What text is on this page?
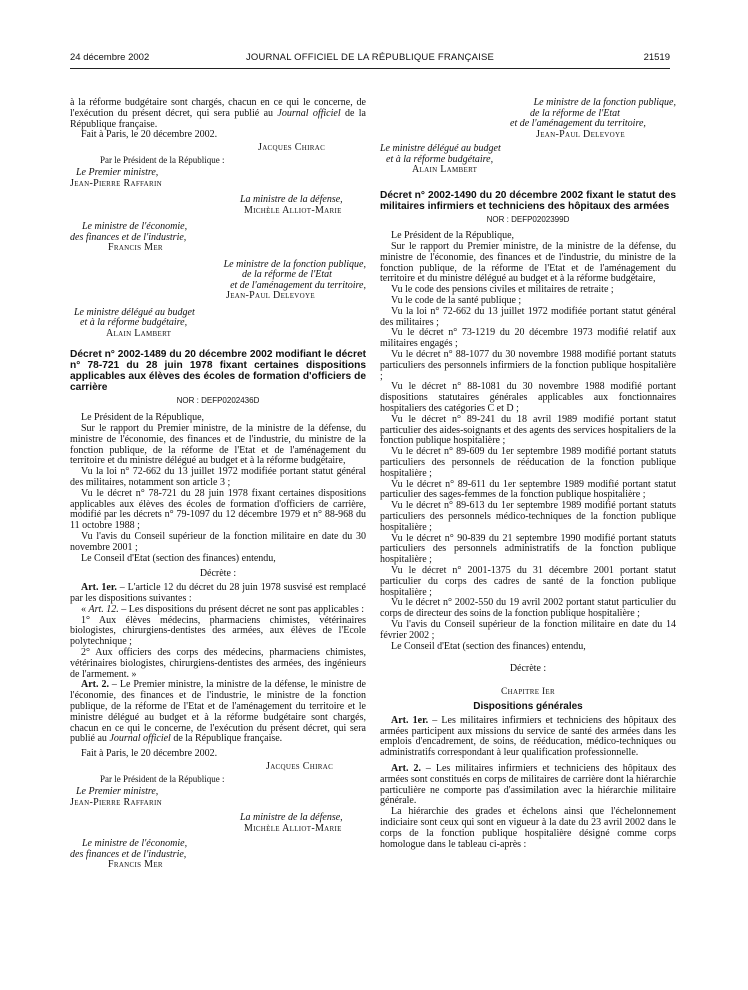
24 décembre 2002	JOURNAL OFFICIEL DE LA RÉPUBLIQUE FRANÇAISE	21519

à la réforme budgétaire sont chargés, chacun en ce qui le concerne, de l'exécution du présent décret, qui sera publié au Journal officiel de la République française.

Fait à Paris, le 20 décembre 2002.

Jacques Chirac

Par le Président de la République :

Le Premier ministre,

Jean-Pierre Raffarin

La ministre de la défense,

Michèle Alliot-Marie

Le ministre de l'économie,

des finances et de l'industrie,

Francis Mer

Le ministre de la fonction publique,

de la réforme de l'Etat

et de l'aménagement du territoire,

Jean-Paul Delevoye

Le ministre délégué au budget

et à la réforme budgétaire,

Alain Lambert

Décret n° 2002-1489 du 20 décembre 2002 modifiant le décret n° 78-721 du 28 juin 1978 fixant certaines dispositions applicables aux élèves des écoles de formation d'officiers de carrière

NOR : DEFP0202436D

Le Président de la République,

Sur le rapport du Premier ministre, de la ministre de la défense, du ministre de l'économie, des finances et de l'industrie, du ministre de la fonction publique, de la réforme de l'Etat et de l'aménagement du territoire et du ministre délégué au budget et à la réforme budgétaire,

Vu la loi n° 72-662 du 13 juillet 1972 modifiée portant statut général des militaires, notamment son article 3 ;

Vu le décret n° 78-721 du 28 juin 1978 fixant certaines dispositions applicables aux élèves des écoles de formation d'officiers de carrière, modifié par les décrets n° 79-1097 du 12 décembre 1979 et n° 88-968 du 11 octobre 1988 ;

Vu l'avis du Conseil supérieur de la fonction militaire en date du 30 novembre 2001 ;

Le Conseil d'Etat (section des finances) entendu,

Décrète :

Art. 1er. – L'article 12 du décret du 28 juin 1978 susvisé est remplacé par les dispositions suivantes :

« Art. 12. – Les dispositions du présent décret ne sont pas applicables :

1° Aux élèves médecins, pharmaciens chimistes, vétérinaires biologistes, chirurgiens-dentistes des armées, aux élèves de l'Ecole polytechnique ;

2° Aux officiers des corps des médecins, pharmaciens chimistes, vétérinaires biologistes, chirurgiens-dentistes des armées, des ingénieurs de l'armement. »

Art. 2. – Le Premier ministre, la ministre de la défense, le ministre de l'économie, des finances et de l'industrie, le ministre de la fonction publique, de la réforme de l'Etat et de l'aménagement du territoire et le ministre délégué au budget et à la réforme budgétaire sont chargés, chacun en ce qui le concerne, de l'exécution du présent décret, qui sera publié au Journal officiel de la République française.

Fait à Paris, le 20 décembre 2002.

Jacques Chirac

Par le Président de la République :

Le Premier ministre,

Jean-Pierre Raffarin

La ministre de la défense,

Michèle Alliot-Marie

Le ministre de l'économie,

des finances et de l'industrie,

Francis Mer

Le ministre de la fonction publique,

de la réforme de l'Etat

et de l'aménagement du territoire,

Jean-Paul Delevoye

Le ministre délégué au budget

et à la réforme budgétaire,

Alain Lambert

Décret n° 2002-1490 du 20 décembre 2002 fixant le statut des militaires infirmiers et techniciens des hôpitaux des armées

NOR : DEFP0202399D

Le Président de la République,

Sur le rapport du Premier ministre, de la ministre de la défense, du ministre de l'économie, des finances et de l'industrie, du ministre de la fonction publique, de la réforme de l'Etat et de l'aménagement du territoire et du ministre délégué au budget et à la réforme budgétaire,

Vu le code des pensions civiles et militaires de retraite ;

Vu le code de la santé publique ;

Vu la loi n° 72-662 du 13 juillet 1972 modifiée portant statut général des militaires ;

Vu le décret n° 73-1219 du 20 décembre 1973 modifié relatif aux militaires engagés ;

Vu le décret n° 88-1077 du 30 novembre 1988 modifié portant statuts particuliers des personnels infirmiers de la fonction publique hospitalière ;

Vu le décret n° 88-1081 du 30 novembre 1988 modifié portant dispositions statutaires générales applicables aux fonctionnaires hospitaliers des catégories C et D ;

Vu le décret n° 89-241 du 18 avril 1989 modifié portant statut particulier des aides-soignants et des agents des services hospitaliers de la fonction publique hospitalière ;

Vu le décret n° 89-609 du 1er septembre 1989 modifié portant statuts particuliers des personnels de rééducation de la fonction publique hospitalière ;

Vu le décret n° 89-611 du 1er septembre 1989 modifié portant statut particulier des sages-femmes de la fonction publique hospitalière ;

Vu le décret n° 89-613 du 1er septembre 1989 modifié portant statuts particuliers des personnels médico-techniques de la fonction publique hospitalière ;

Vu le décret n° 90-839 du 21 septembre 1990 modifié portant statuts particuliers des personnels administratifs de la fonction publique hospitalière ;

Vu le décret n° 2001-1375 du 31 décembre 2001 portant statut particulier du corps des cadres de santé de la fonction publique hospitalière ;

Vu le décret n° 2002-550 du 19 avril 2002 portant statut particulier du corps de directeur des soins de la fonction publique hospitalière ;

Vu l'avis du Conseil supérieur de la fonction militaire en date du 14 février 2002 ;

Le Conseil d'Etat (section des finances) entendu,

Décrète :

Chapitre Ier

Dispositions générales

Art. 1er. – Les militaires infirmiers et techniciens des hôpitaux des armées participent aux missions du service de santé des armées dans les emplois d'encadrement, de soins, de rééducation, médico-techniques ou administratifs correspondant à leur qualification professionnelle.

Art. 2. – Les militaires infirmiers et techniciens des hôpitaux des armées sont constitués en corps de militaires de carrière dont la hiérarchie particulière ne comporte pas d'assimilation avec la hiérarchie militaire générale.

La hiérarchie des grades et échelons ainsi que l'échelonnement indiciaire sont ceux qui sont en vigueur à la date du 23 avril 2002 dans le corps de la fonction publique hospitalière désigné comme corps homologue dans le tableau ci-après :
